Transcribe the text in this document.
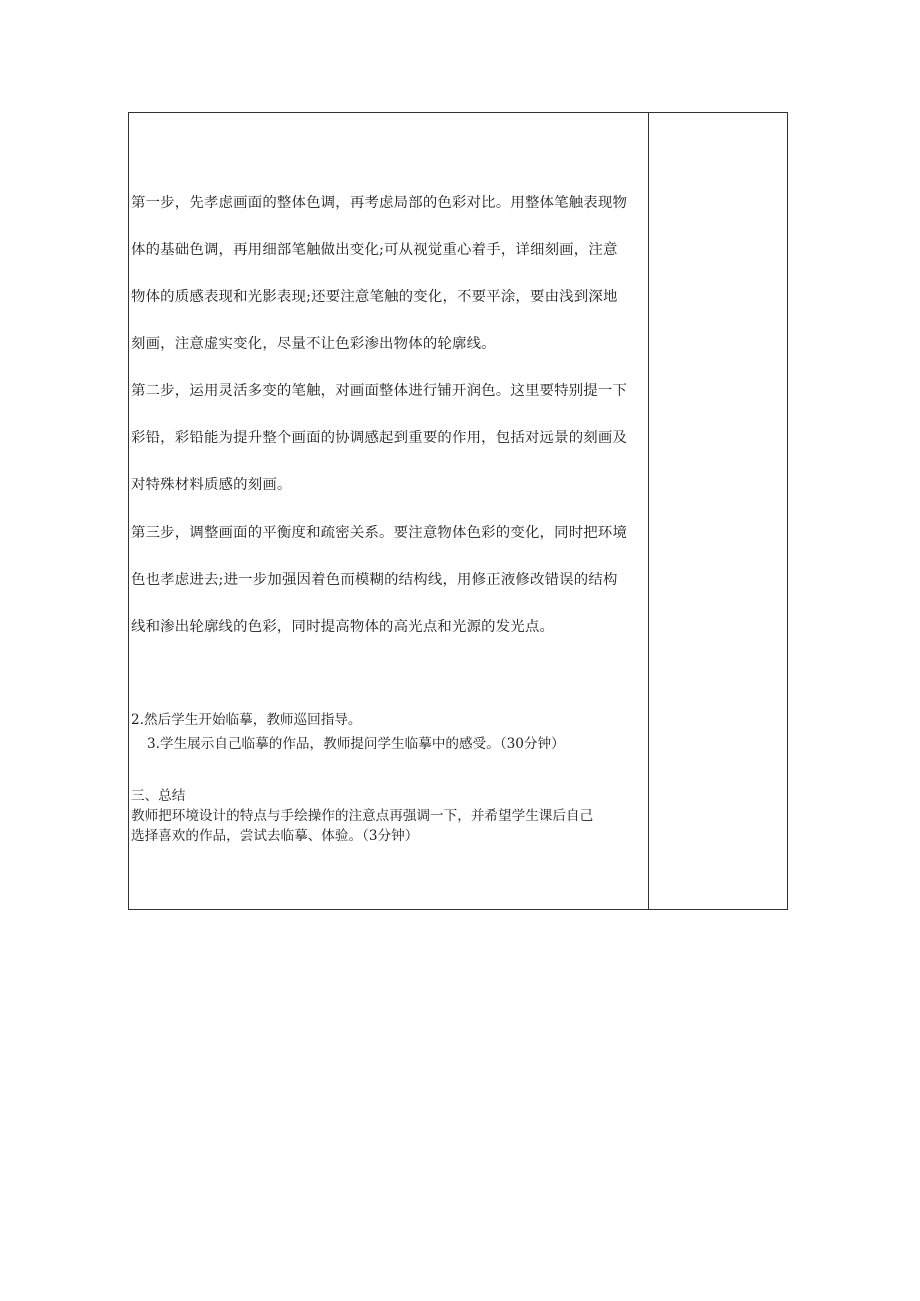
第一步，先孝虑画面的整体色调，再考虑局部的色彩对比。用整体笔触表现物
体的基础色调，再用细部笔触做出变化;可从视觉重心着手，详细刻画，注意
物体的质感表现和光影表现;还要注意笔触的变化，不要平涂，要由浅到深地
刻画，注意虚实变化，尽量不让色彩渗出物体的轮廓线。
第二步，运用灵活多变的笔触，对画面整体进行铺开润色。这里要特别提一下
彩铅，彩铅能为提升整个画面的协调感起到重要的作用，包括对远景的刻画及
对特殊材料质感的刻画。
第三步，调整画面的平衡度和疏密关系。要注意物体色彩的变化，同时把环境
色也孝虑进去;进一步加强因着色而模糊的结构线，用修正液修改错误的结构
线和渗出轮廓线的色彩，同时提高物体的高光点和光源的发光点。
2.然后学生开始临摹，教师巡回指导。
3.学生展示自己临摹的作品，教师提问学生临摹中的感受。（30分钟）
三、总结
教师把环境设计的特点与手绘操作的注意点再强调一下，并希望学生课后自己
选择喜欢的作品，尝试去临摹、体验。（3分钟）
